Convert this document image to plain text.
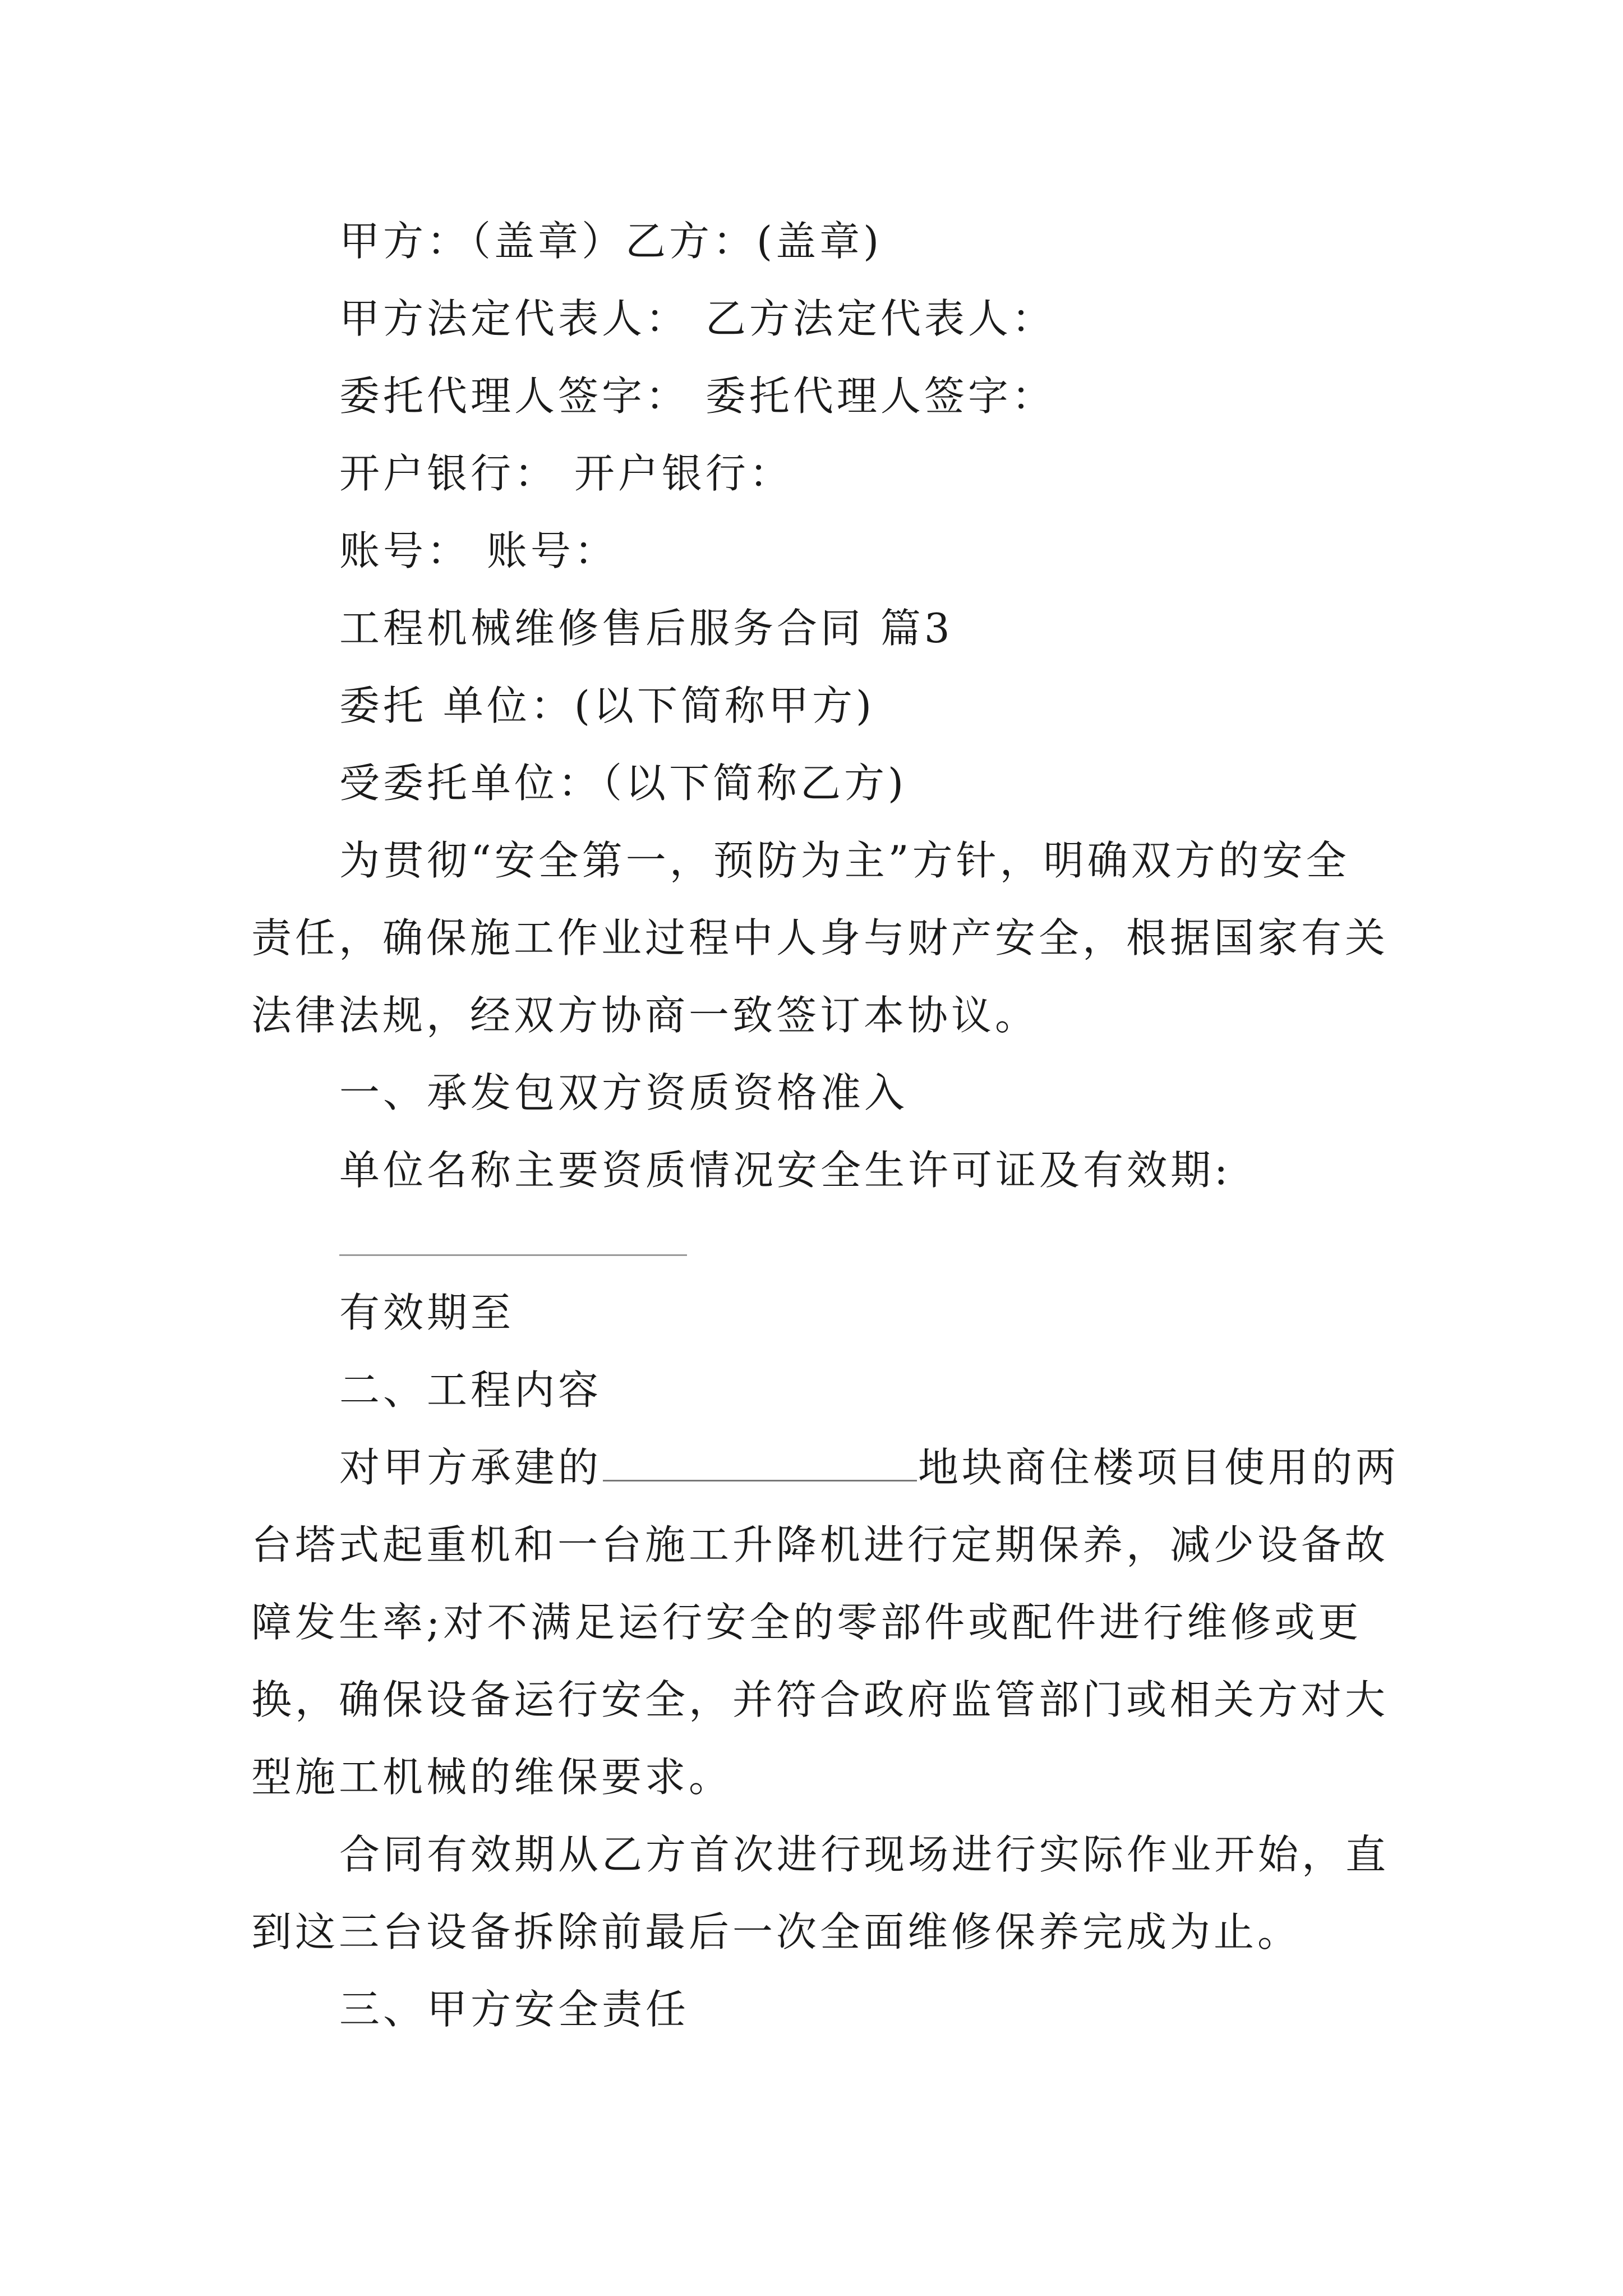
甲方：（盖章）乙方：(盖章)
甲方法定代表人： 乙方法定代表人：
委托代理人签字： 委托代理人签字：
开户银行： 开户银行：
账号： 账号：
工程机械维修售后服务合同 篇3
委托 单位：(以下简称甲方)
受委托单位：（以下简称乙方)
为贯彻“安全第一，预防为主”方针，明确双方的安全
责任，确保施工作业过程中人身与财产安全，根据国家有关
法律法规，经双方协商一致签订本协议。
一、承发包双方资质资格准入
单位名称主要资质情况安全生许可证及有效期:
有效期至
二、工程内容
对甲方承建的	地块商住楼项目使用的两
台塔式起重机和一台施工升降机进行定期保养，减少设备故
障发生率;对不满足运行安全的零部件或配件进行维修或更
换，确保设备运行安全，并符合政府监管部门或相关方对大
型施工机械的维保要求。
合同有效期从乙方首次进行现场进行实际作业开始，直
到这三台设备拆除前最后一次全面维修保养完成为止。
三、甲方安全责任
